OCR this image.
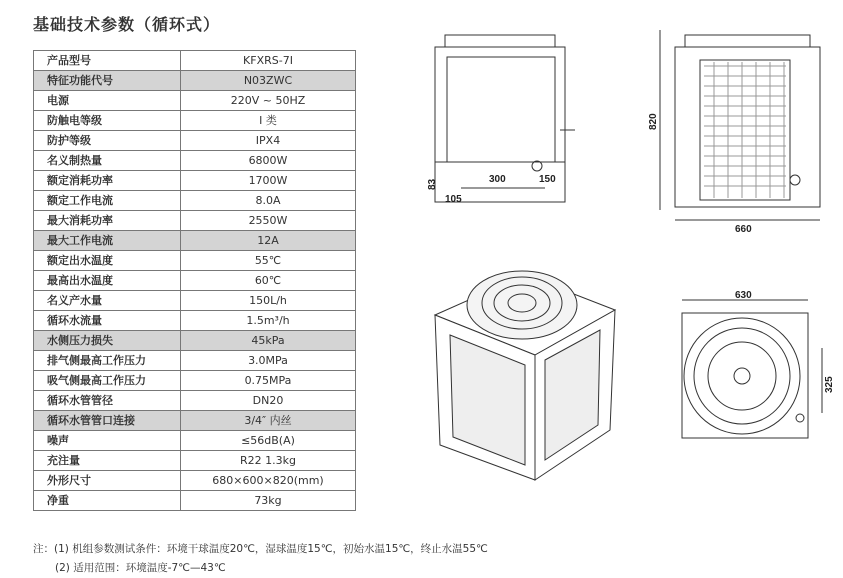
基础技术参数（循环式）
产品型号	KFXRS-7I
特征功能代号	N03ZWC
电源	220V ~ 50HZ
防触电等级	I 类
防护等级	IPX4
名义制热量	6800W
额定消耗功率	1700W
额定工作电流	8.0A
最大消耗功率	2550W
最大工作电流	12A
额定出水温度	55℃
最高出水温度	60℃
名义产水量	150L/h
循环水流量	1.5m³/h
水侧压力损失	45kPa
排气侧最高工作压力	3.0MPa
吸气侧最高工作压力	0.75MPa
循环水管管径	DN20
循环水管管口连接	3/4″ 内丝
噪声	≤56dB(A)
充注量	R22 1.3kg
外形尺寸	680×600×820(mm)
净重	73kg
注：(1) 机组参数测试条件：环境干球温度20℃，湿球温度15℃，初始水温15℃，终止水温55℃
(2) 适用范围：环境温度-7℃—43℃
300	150
83
105
820
660
630
325
